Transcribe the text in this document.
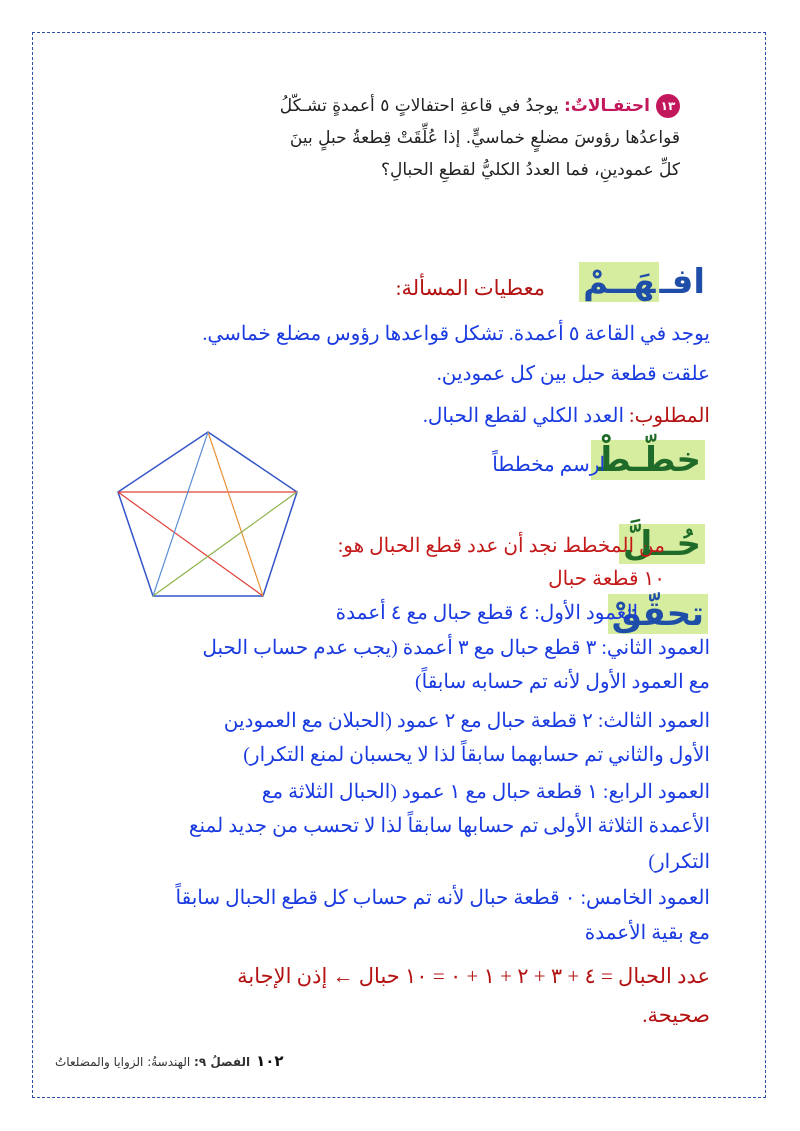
١٣احتفـالاتٌ: يوجدُ في قاعةِ احتفالاتٍ ٥ أعمدةٍ تشـكّلُ
قواعدُها رؤوسَ مضلعٍ خماسيٍّ. إذا عُلِّقَتْ قِطعةُ حبلٍ بينَ
كلِّ عمودينِ، فما العددُ الكليُّ لقطعِ الحبالِ؟
افـهَــمْ
معطيات المسألة:
يوجد في القاعة ٥ أعمدة. تشكل قواعدها رؤوس مضلع خماسي.
علقت قطعة حبل بين كل عمودين.
المطلوب: العدد الكلي لقطع الحبال.
خطّـطْ
ارسم مخططاً
حُــلَّ
من المخطط نجد أن عدد قطع الحبال هو:
١٠ قطعة حبال
تحقّقْ
العمود الأول: ٤ قطع حبال مع ٤ أعمدة
العمود الثاني: ٣ قطع حبال مع ٣ أعمدة (يجب عدم حساب الحبل
مع العمود الأول لأنه تم حسابه سابقاً)
العمود الثالث: ٢ قطعة حبال مع ٢ عمود (الحبلان مع العمودين
الأول والثاني تم حسابهما سابقاً لذا لا يحسبان لمنع التكرار)
العمود الرابع: ١ قطعة حبال مع ١ عمود (الحبال الثلاثة مع
الأعمدة الثلاثة الأولى تم حسابها سابقاً لذا لا تحسب من جديد لمنع
التكرار)
العمود الخامس: ٠ قطعة حبال لأنه تم حساب كل قطع الحبال سابقاً
مع بقية الأعمدة
عدد الحبال = ٤ + ٣ + ٢ + ١ + ٠ = ١٠ حبال ← إذن الإجابة
صحيحة.
١٠٢الفصلُ ٩: الهندسةُ: الزوايا والمضلعاتُ
